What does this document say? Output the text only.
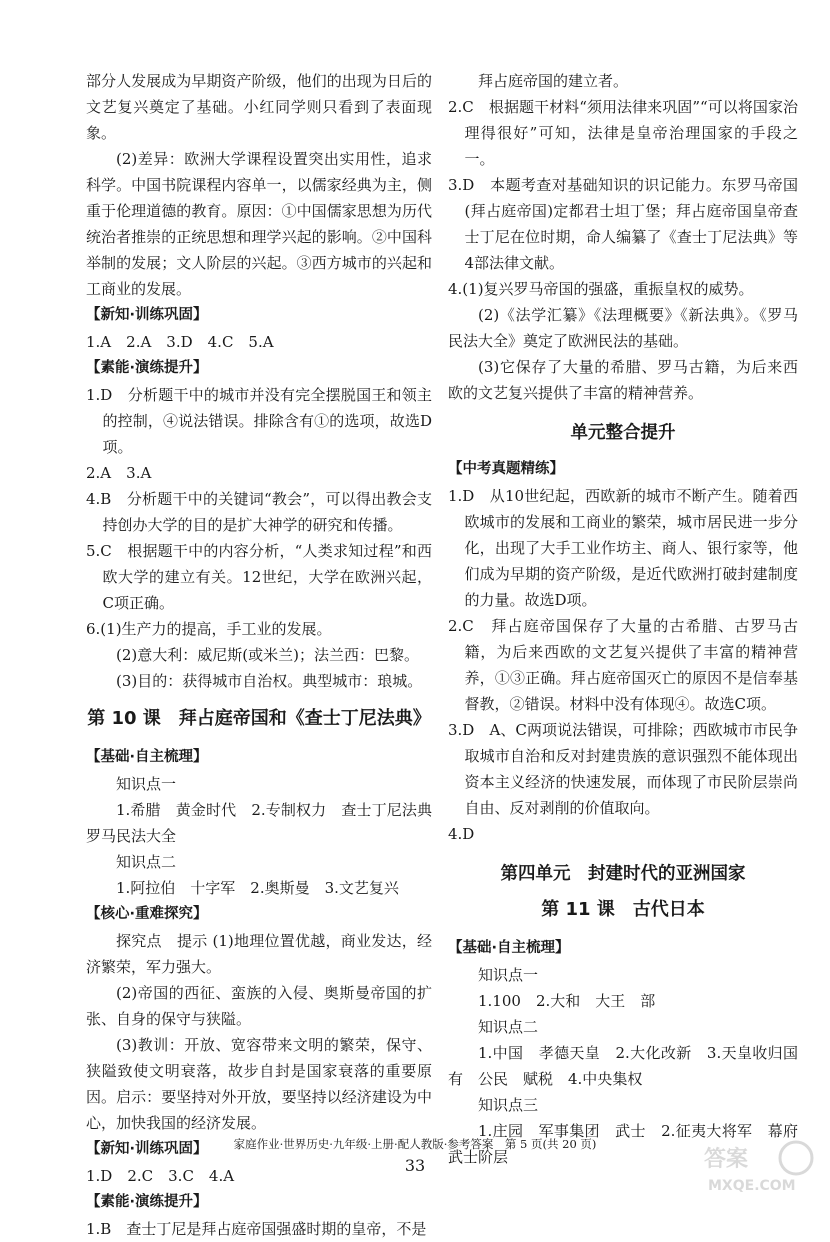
部分人发展成为早期资产阶级，他们的出现为日后的文艺复兴奠定了基础。小红同学则只看到了表面现象。

(2)差异：欧洲大学课程设置突出实用性，追求科学。中国书院课程内容单一，以儒家经典为主，侧重于伦理道德的教育。原因：①中国儒家思想为历代统治者推崇的正统思想和理学兴起的影响。②中国科举制的发展；文人阶层的兴起。③西方城市的兴起和工商业的发展。

【新知·训练巩固】

1.A　2.A　3.D　4.C　5.A

【素能·演练提升】

1.D　分析题干中的城市并没有完全摆脱国王和领主的控制，④说法错误。排除含有①的选项，故选D项。

2.A　3.A

4.B　分析题干中的关键词“教会”，可以得出教会支持创办大学的目的是扩大神学的研究和传播。

5.C　根据题干中的内容分析，“人类求知过程”和西欧大学的建立有关。12世纪，大学在欧洲兴起，C项正确。

6.(1)生产力的提高，手工业的发展。

(2)意大利：威尼斯(或米兰)；法兰西：巴黎。

(3)目的：获得城市自治权。典型城市：琅城。

第 10 课　拜占庭帝国和《查士丁尼法典》

【基础·自主梳理】

知识点一

1.希腊　黄金时代　2.专制权力　查士丁尼法典　罗马民法大全

知识点二

1.阿拉伯　十字军　2.奥斯曼　3.文艺复兴

【核心·重难探究】

探究点　提示 (1)地理位置优越，商业发达，经济繁荣，军力强大。

(2)帝国的西征、蛮族的入侵、奥斯曼帝国的扩张、自身的保守与狭隘。

(3)教训：开放、宽容带来文明的繁荣，保守、狭隘致使文明衰落，故步自封是国家衰落的重要原因。启示：要坚持对外开放，要坚持以经济建设为中心，加快我国的经济发展。

【新知·训练巩固】

1.D　2.C　3.C　4.A

【素能·演练提升】

1.B　查士丁尼是拜占庭帝国强盛时期的皇帝，不是

拜占庭帝国的建立者。

2.C　根据题干材料“须用法律来巩固”“可以将国家治理得很好”可知，法律是皇帝治理国家的手段之一。

3.D　本题考查对基础知识的识记能力。东罗马帝国(拜占庭帝国)定都君士坦丁堡；拜占庭帝国皇帝查士丁尼在位时期，命人编纂了《查士丁尼法典》等4部法律文献。

4.(1)复兴罗马帝国的强盛，重振皇权的威势。

(2)《法学汇纂》《法理概要》《新法典》。《罗马民法大全》奠定了欧洲民法的基础。

(3)它保存了大量的希腊、罗马古籍，为后来西欧的文艺复兴提供了丰富的精神营养。

单元整合提升

【中考真题精练】

1.D　从10世纪起，西欧新的城市不断产生。随着西欧城市的发展和工商业的繁荣，城市居民进一步分化，出现了大手工业作坊主、商人、银行家等，他们成为早期的资产阶级，是近代欧洲打破封建制度的力量。故选D项。

2.C　拜占庭帝国保存了大量的古希腊、古罗马古籍，为后来西欧的文艺复兴提供了丰富的精神营养，①③正确。拜占庭帝国灭亡的原因不是信奉基督教，②错误。材料中没有体现④。故选C项。

3.D　A、C两项说法错误，可排除；西欧城市市民争取城市自治和反对封建贵族的意识强烈不能体现出资本主义经济的快速发展，而体现了市民阶层崇尚自由、反对剥削的价值取向。

4.D

第四单元　封建时代的亚洲国家

第 11 课　古代日本

【基础·自主梳理】

知识点一

1.100　2.大和　大王　部

知识点二

1.中国　孝德天皇　2.大化改新　3.天皇收归国有　公民　赋税　4.中央集权

知识点三

1.庄园　军事集团　武士　2.征夷大将军　幕府　武士阶层

家庭作业·世界历史·九年级·上册·配人教版·参考答案　第 5 页(共 20 页)
33	答案
MXQE.COM
